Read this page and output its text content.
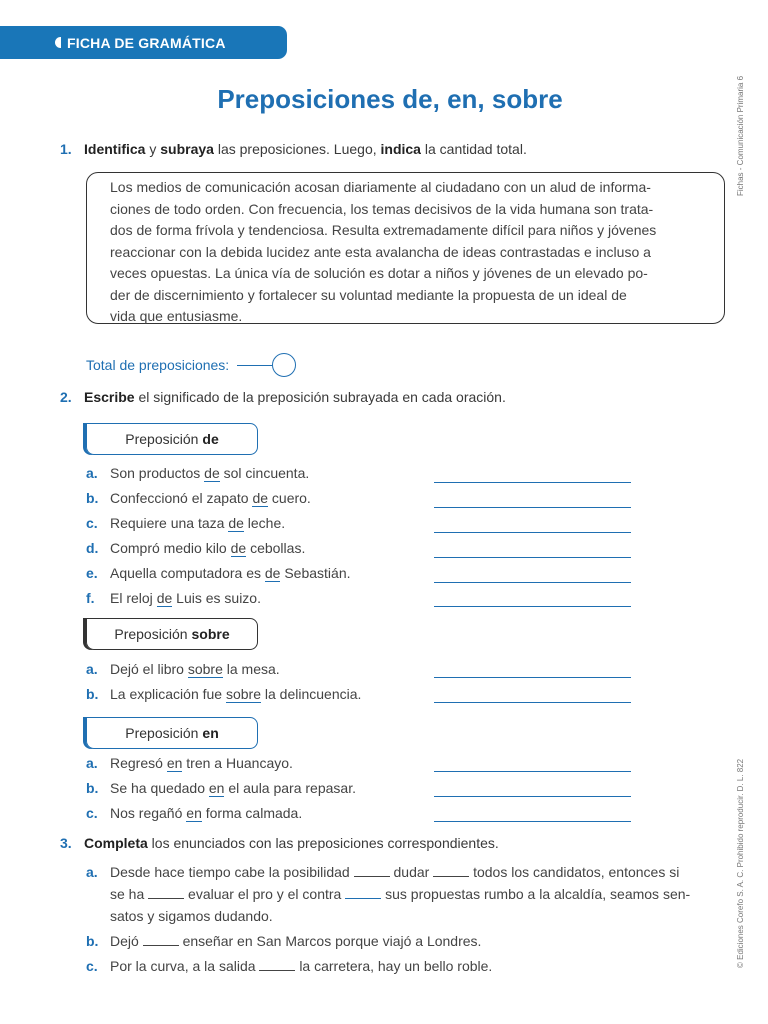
FICHA DE GRAMÁTICA
Preposiciones de, en, sobre	Fichas - Comunicación Primaria 6
© Ediciones Corefo S. A. C. Prohibido reproducir. D. L. 822
1. Identifica y subraya las preposiciones. Luego, indica la cantidad total.
Los medios de comunicación acosan diariamente al ciudadano con un alud de informa-
ciones de todo orden. Con frecuencia, los temas decisivos de la vida humana son trata-
dos de forma frívola y tendenciosa. Resulta extremadamente difícil para niños y jóvenes
reaccionar con la debida lucidez ante esta avalancha de ideas contrastadas e incluso a
veces opuestas. La única vía de solución es dotar a niños y jóvenes de un elevado po-
der de discernimiento y fortalecer su voluntad mediante la propuesta de un ideal de
vida que entusiasme.
Total de preposiciones:
2. Escribe el significado de la preposición subrayada en cada oración.
Preposición de
a. Son productos de sol cincuenta.
b. Confeccionó el zapato de cuero.
c. Requiere una taza de leche.
d. Compró medio kilo de cebollas.
e. Aquella computadora es de Sebastián.
f. El reloj de Luis es suizo.
Preposición sobre
a. Dejó el libro sobre la mesa.
b. La explicación fue sobre la delincuencia.
Preposición en
a. Regresó en tren a Huancayo.
b. Se ha quedado en el aula para repasar.
c. Nos regañó en forma calmada.
3. Completa los enunciados con las preposiciones correspondientes.
a. Desde hace tiempo cabe la posibilidad	dudar	todos los candidatos, entonces si
se ha	evaluar el pro y el contra	sus propuestas rumbo a la alcaldía, seamos sen-
satos y sigamos dudando.
b. Dejó	enseñar en San Marcos porque viajó a Londres.
c. Por la curva, a la salida	la carretera, hay un bello roble.
